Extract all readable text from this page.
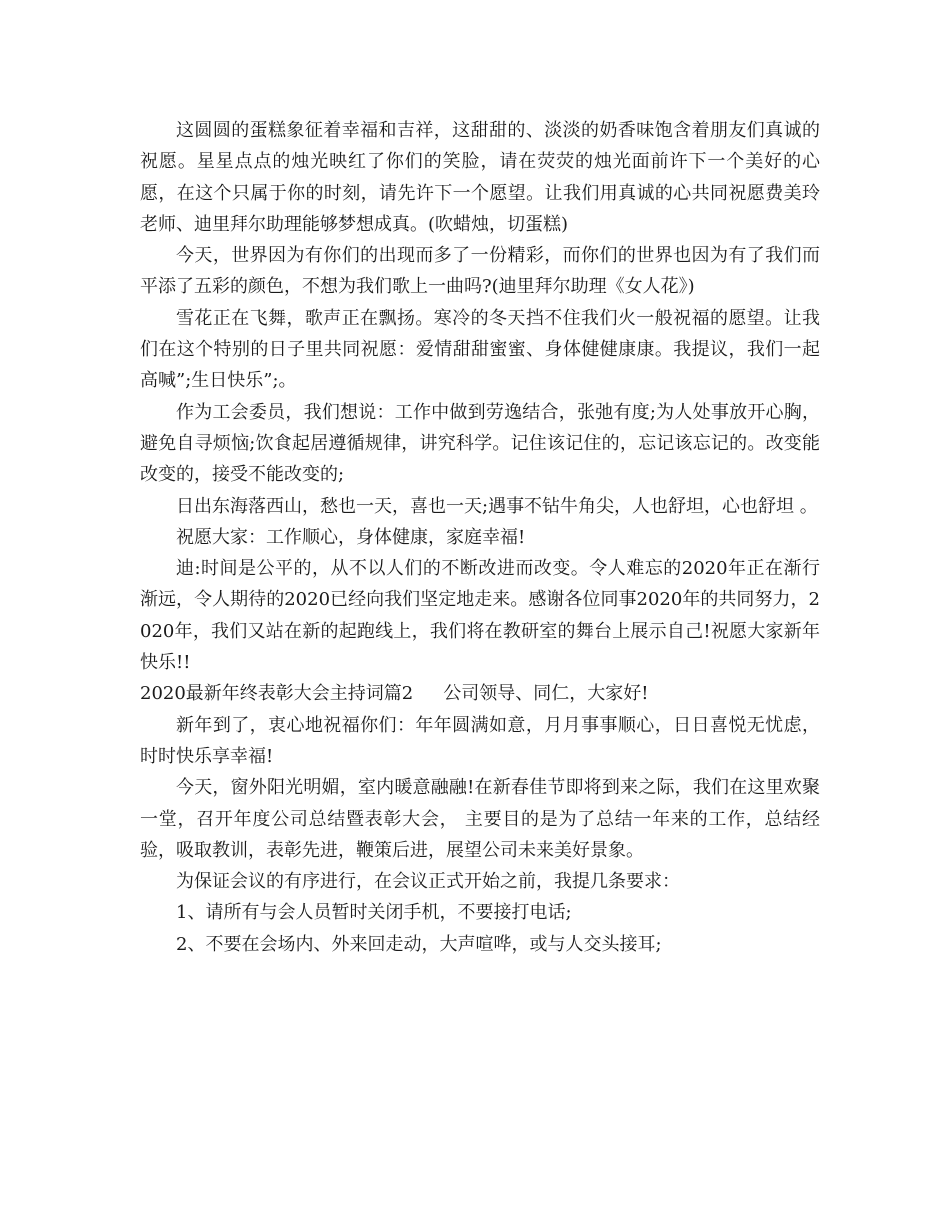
这圆圆的蛋糕象征着幸福和吉祥，这甜甜的、淡淡的奶香味饱含着朋友们真诚的祝愿。星星点点的烛光映红了你们的笑脸，请在荧荧的烛光面前许下一个美好的心愿，在这个只属于你的时刻，请先许下一个愿望。让我们用真诚的心共同祝愿费美玲老师、迪里拜尔助理能够梦想成真。(吹蜡烛，切蛋糕)

今天，世界因为有你们的出现而多了一份精彩，而你们的世界也因为有了我们而平添了五彩的颜色，不想为我们歌上一曲吗?(迪里拜尔助理《女人花》)

雪花正在飞舞，歌声正在飘扬。寒冷的冬天挡不住我们火一般祝福的愿望。让我们在这个特别的日子里共同祝愿：爱情甜甜蜜蜜、身体健健康康。我提议，我们一起高喊”;生日快乐”;。

作为工会委员，我们想说：工作中做到劳逸结合，张弛有度;为人处事放开心胸，避免自寻烦恼;饮食起居遵循规律，讲究科学。记住该记住的，忘记该忘记的。改变能改变的，接受不能改变的;

日出东海落西山，愁也一天，喜也一天;遇事不钻牛角尖，人也舒坦，心也舒坦 。

祝愿大家：工作顺心，身体健康，家庭幸福!

迪:时间是公平的，从不以人们的不断改进而改变。令人难忘的2020年正在渐行渐远，令人期待的2020已经向我们坚定地走来。感谢各位同事2020年的共同努力，2020年，我们又站在新的起跑线上，我们将在教研室的舞台上展示自己!祝愿大家新年快乐!!

2020最新年终表彰大会主持词篇2 公司领导、同仁，大家好!

新年到了，衷心地祝福你们：年年圆满如意，月月事事顺心，日日喜悦无忧虑，时时快乐享幸福!

今天，窗外阳光明媚，室内暖意融融!在新春佳节即将到来之际，我们在这里欢聚一堂，召开年度公司总结暨表彰大会， 主要目的是为了总结一年来的工作，总结经验，吸取教训，表彰先进，鞭策后进，展望公司未来美好景象。

为保证会议的有序进行，在会议正式开始之前，我提几条要求：

1、请所有与会人员暂时关闭手机，不要接打电话;

2、不要在会场内、外来回走动，大声喧哗，或与人交头接耳;
